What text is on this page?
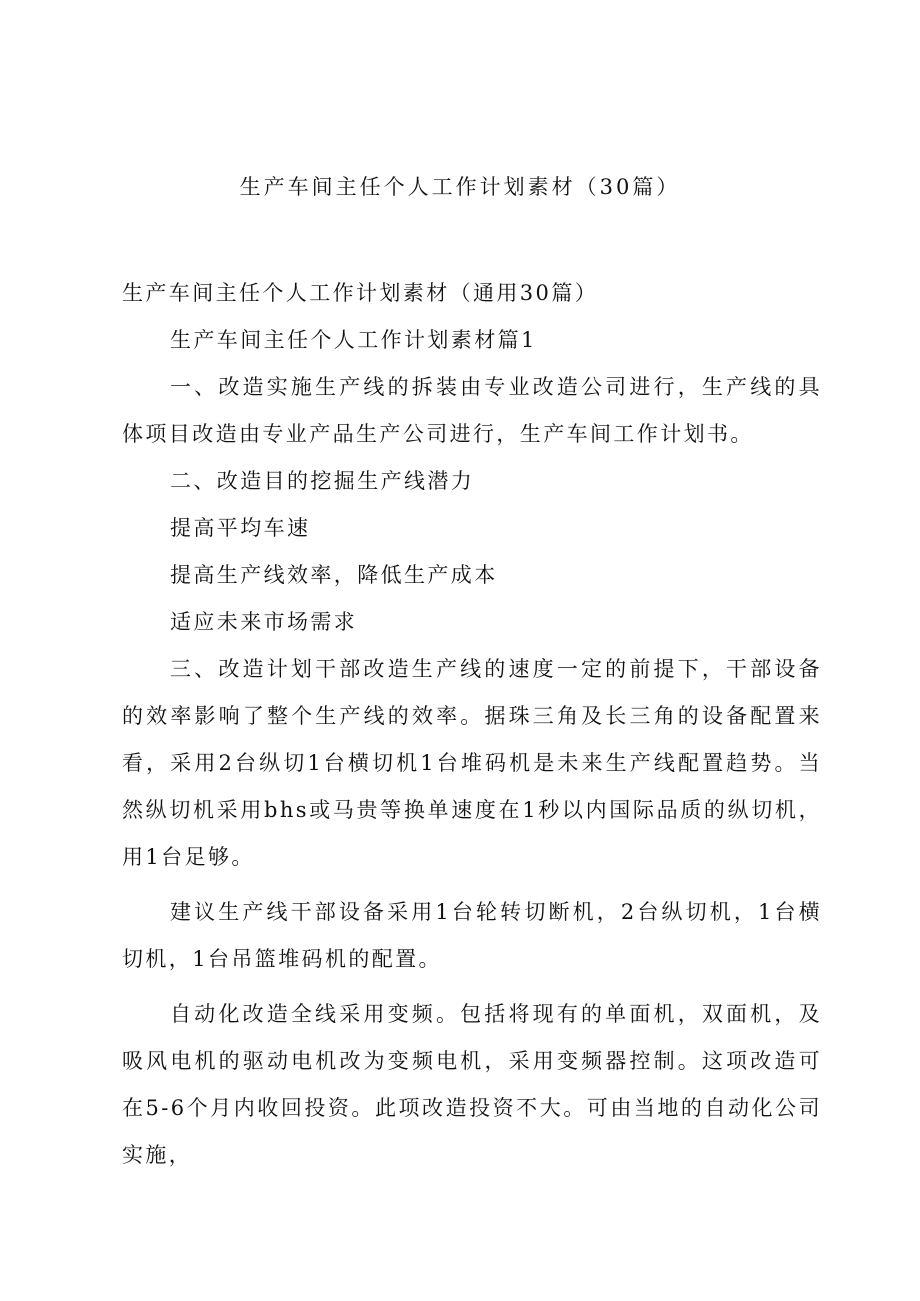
生产车间主任个人工作计划素材（30篇）

生产车间主任个人工作计划素材（通用30篇）

生产车间主任个人工作计划素材篇1

一、改造实施生产线的拆装由专业改造公司进行，生产线的具体项目改造由专业产品生产公司进行，生产车间工作计划书。

二、改造目的挖掘生产线潜力

提高平均车速

提高生产线效率，降低生产成本

适应未来市场需求

三、改造计划干部改造生产线的速度一定的前提下，干部设备的效率影响了整个生产线的效率。据珠三角及长三角的设备配置来看，采用2台纵切1台横切机1台堆码机是未来生产线配置趋势。当然纵切机采用bhs或马贵等换单速度在1秒以内国际品质的纵切机，用1台足够。

建议生产线干部设备采用1台轮转切断机，2台纵切机，1台横切机，1台吊篮堆码机的配置。

自动化改造全线采用变频。包括将现有的单面机，双面机，及吸风电机的驱动电机改为变频电机，采用变频器控制。这项改造可在5-6个月内收回投资。此项改造投资不大。可由当地的自动化公司实施，
